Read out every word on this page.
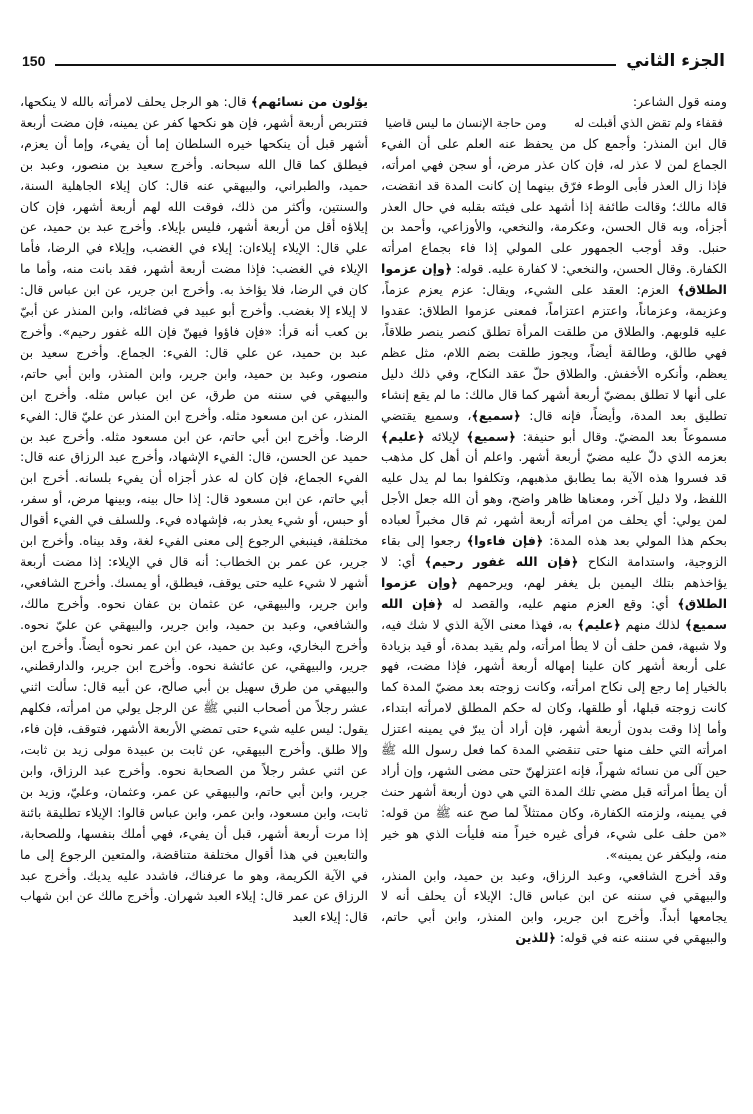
150	الجزء الثاني

ومنه قول الشاعر:

فقفاء ولم تقض الذي أقبلت له
ومن حاجة الإنسان ما ليس قاضيا

قال ابن المنذر: وأجمع كل من يحفظ عنه العلم على أن الفيء الجماع لمن لا عذر له، فإن كان عذر مرض، أو سجن فهي امرأته، فإذا زال العذر فأبى الوطء فرّق بينهما إن كانت المدة قد انقضت، قاله مالك؛ وقالت طائفة إذا أشهد على فيئته بقلبه في حال العذر أجزأه، وبه قال الحسن، وعكرمة، والنخعي، والأوزاعي، وأحمد بن حنبل. وقد أوجب الجمهور على المولي إذا فاء بجماع امرأته الكفارة. وقال الحسن، والنخعي: لا كفارة عليه. قوله: ﴿وإن عزموا الطلاق﴾ العزم: العقد على الشيء، ويقال: عزم يعزم عزماً، وعزيمة، وعزماناً، واعتزم اعتزاماً، فمعنى عزموا الطلاق: عقدوا عليه قلوبهم. والطلاق من طلقت المرأة تطلق كنصر ينصر طلاقاً، فهي طالق، وطالقة أيضاً، ويجوز طلقت بضم اللام، مثل عظم يعظم، وأنكره الأخفش. والطلاق حلّ عقد النكاح، وفي ذلك دليل على أنها لا تطلق بمضيّ أربعة أشهر كما قال مالك: ما لم يقع إنشاء تطليق بعد المدة، وأيضاً، فإنه قال: ﴿سميع﴾، وسميع يقتضي مسموعاً بعد المضيّ. وقال أبو حنيفة: ﴿سميع﴾ لإيلائه ﴿عليم﴾ بعزمه الذي دلّ عليه مضيّ أربعة أشهر. واعلم أن أهل كل مذهب قد فسروا هذه الآية بما يطابق مذهبهم، وتكلفوا بما لم يدل عليه اللفظ، ولا دليل آخر، ومعناها ظاهر واضح، وهو أن الله جعل الأجل لمن يولي: أي يحلف من امرأته أربعة أشهر، ثم قال مخبراً لعباده بحكم هذا المولي بعد هذه المدة: ﴿فإن فاءوا﴾ رجعوا إلى بقاء الزوجية، واستدامة النكاح ﴿فإن الله غفور رحيم﴾ أي: لا يؤاخذهم بتلك اليمين بل يغفر لهم، ويرحمهم ﴿وإن عزموا الطلاق﴾ أي: وقع العزم منهم عليه، والقصد له ﴿فإن الله سميع﴾ لذلك منهم ﴿عليم﴾ به، فهذا معنى الآية الذي لا شك فيه، ولا شبهة، فمن حلف أن لا يطأ امرأته، ولم يقيد بمدة، أو قيد بزيادة على أربعة أشهر كان علينا إمهاله أربعة أشهر، فإذا مضت، فهو بالخيار إما رجع إلى نكاح امرأته، وكانت زوجته بعد مضيّ المدة كما كانت زوجته قبلها، أو طلقها، وكان له حكم المطلق لامرأته ابتداء، وأما إذا وقت بدون أربعة أشهر، فإن أراد أن يبرّ في يمينه اعتزل امرأته التي حلف منها حتى تنقضي المدة كما فعل رسول الله ﷺ حين آلى من نسائه شهراً، فإنه اعتزلهنّ حتى مضى الشهر، وإن أراد أن يطأ امرأته قبل مضي تلك المدة التي هي دون أربعة أشهر حنث في يمينه، ولزمته الكفارة، وكان ممتثلاً لما صح عنه ﷺ من قوله: «من حلف على شيء، فرأى غيره خيراً منه فليأت الذي هو خير منه، وليكفر عن يمينه».

وقد أخرج الشافعي، وعبد الرزاق، وعبد بن حميد، وابن المنذر، والبيهقي في سننه عن ابن عباس قال: الإيلاء أن يحلف أنه لا يجامعها أبداً. وأخرج ابن جرير، وابن المنذر، وابن أبي حاتم، والبيهقي في سننه عنه في قوله: ﴿للذين

يؤلون من نسائهم﴾ قال: هو الرجل يحلف لامرأته بالله لا ينكحها، فتتربص أربعة أشهر، فإن هو نكحها كفر عن يمينه، فإن مضت أربعة أشهر قبل أن ينكحها خيره السلطان إما أن يفيء، وإما أن يعزم، فيطلق كما قال الله سبحانه. وأخرج سعيد بن منصور، وعبد بن حميد، والطبراني، والبيهقي عنه قال: كان إيلاء الجاهلية السنة، والسنتين، وأكثر من ذلك، فوقت الله لهم أربعة أشهر، فإن كان إيلاؤه أقل من أربعة أشهر، فليس بإيلاء. وأخرج عبد بن حميد، عن علي قال: الإيلاء إيلاءان: إيلاء في الغضب، وإيلاء في الرضا، فأما الإيلاء في الغضب: فإذا مضت أربعة أشهر، فقد بانت منه، وأما ما كان في الرضا، فلا يؤاخذ به. وأخرج ابن جرير، عن ابن عباس قال: لا إيلاء إلا بغضب. وأخرج أبو عبيد في فضائله، وابن المنذر عن أبيّ بن كعب أنه قرأ: «فإن فاؤوا فيهنّ فإن الله غفور رحيم». وأخرج عبد بن حميد، عن علي قال: الفيء: الجماع. وأخرج سعيد بن منصور، وعبد بن حميد، وابن جرير، وابن المنذر، وابن أبي حاتم، والبيهقي في سننه من طرق، عن ابن عباس مثله. وأخرج ابن المنذر، عن ابن مسعود مثله. وأخرج ابن المنذر عن عليّ قال: الفيء الرضا. وأخرج ابن أبي حاتم، عن ابن مسعود مثله. وأخرج عبد بن حميد عن الحسن، قال: الفيء الإشهاد، وأخرج عبد الرزاق عنه قال: الفيء الجماع، فإن كان له عذر أجزاه أن يفيء بلسانه. أخرج ابن أبي حاتم، عن ابن مسعود قال: إذا حال بينه، وبينها مرض، أو سفر، أو حبس، أو شيء يعذر به، فإشهاده فيء. وللسلف في الفيء أقوال مختلفة، فينبغي الرجوع إلى معنى الفيء لغة، وقد بيناه. وأخرج ابن جرير، عن عمر بن الخطاب: أنه قال في الإيلاء: إذا مضت أربعة أشهر لا شيء عليه حتى يوقف، فيطلق، أو يمسك. وأخرج الشافعي، وابن جرير، والبيهقي، عن عثمان بن عفان نحوه. وأخرج مالك، والشافعي، وعبد بن حميد، وابن جرير، والبيهقي عن عليّ نحوه. وأخرج البخاري، وعبد بن حميد، عن ابن عمر نحوه أيضاً. وأخرج ابن جرير، والبيهقي، عن عائشة نحوه. وأخرج ابن جرير، والدارقطني، والبيهقي من طرق سهيل بن أبي صالح، عن أبيه قال: سألت اثني عشر رجلاً من أصحاب النبي ﷺ عن الرجل يولي من امرأته، فكلهم يقول: ليس عليه شيء حتى تمضي الأربعة الأشهر، فتوقف، فإن فاء، وإلا طلق. وأخرج البيهقي، عن ثابت بن عبيدة مولى زيد بن ثابت، عن اثني عشر رجلاً من الصحابة نحوه. وأخرج عبد الرزاق، وابن جرير، وابن أبي حاتم، والبيهقي عن عمر، وعثمان، وعليّ، وزيد بن ثابت، وابن مسعود، وابن عمر، وابن عباس قالوا: الإيلاء تطليقة بائنة إذا مرت أربعة أشهر، قبل أن يفيء، فهي أملك بنفسها، وللصحابة، والتابعين في هذا أقوال مختلفة متناقضة، والمتعين الرجوع إلى ما في الآية الكريمة، وهو ما عرفناك، فاشدد عليه يديك. وأخرج عبد الرزاق عن عمر قال: إيلاء العبد شهران. وأخرج مالك عن ابن شهاب قال: إيلاء العبد
